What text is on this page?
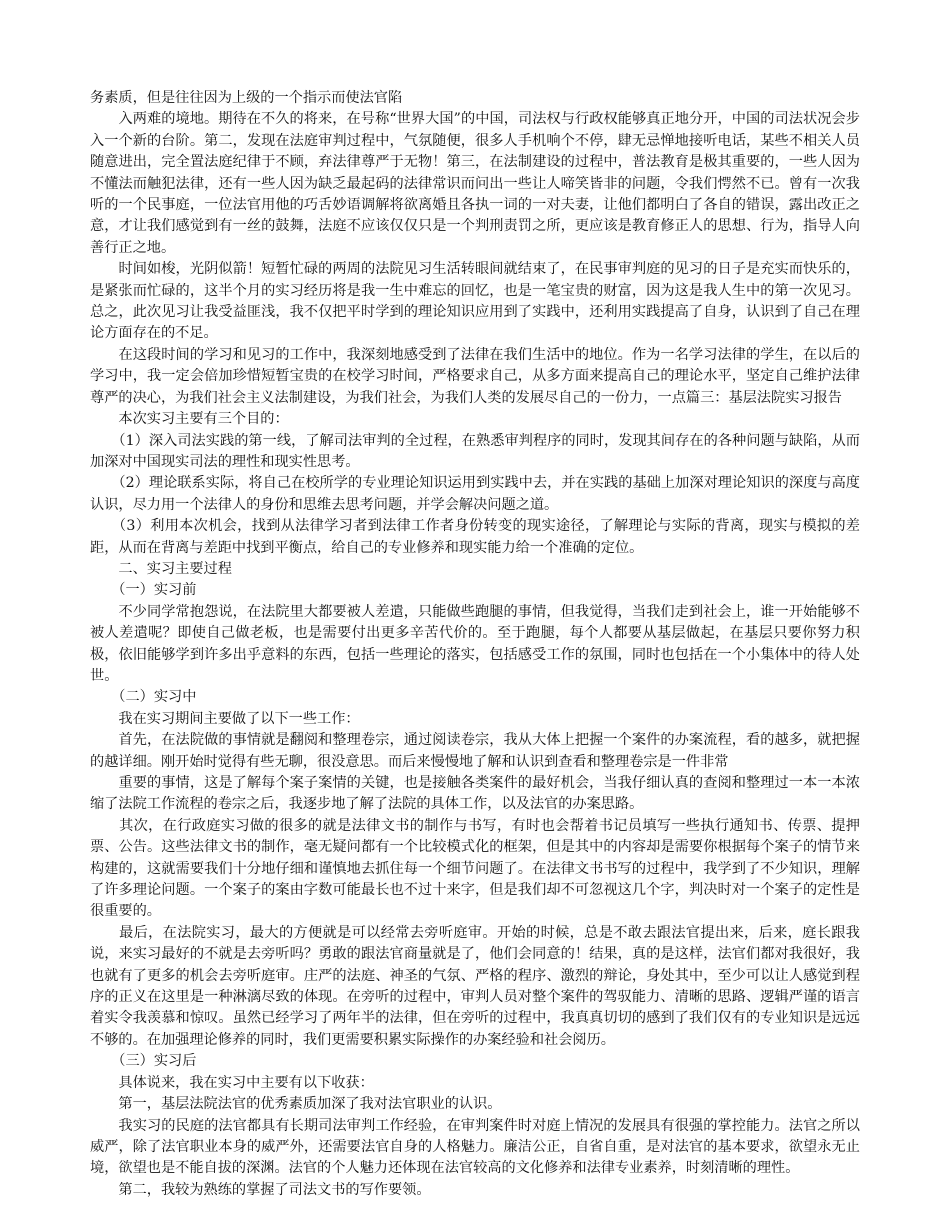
务素质，但是往往因为上级的一个指示而使法官陷

　　入两难的境地。期待在不久的将来，在号称“世界大国”的中国，司法权与行政权能够真正地分开，中国的司法状况会步入一个新的台阶。第二，发现在法庭审判过程中，气氛随便，很多人手机响个不停，肆无忌惮地接听电话，某些不相关人员随意进出，完全置法庭纪律于不顾，弃法律尊严于无物！第三，在法制建设的过程中，普法教育是极其重要的，一些人因为不懂法而触犯法律，还有一些人因为缺乏最起码的法律常识而问出一些让人啼笑皆非的问题，令我们愕然不已。曾有一次我听的一个民事庭，一位法官用他的巧舌妙语调解将欲离婚且各执一词的一对夫妻，让他们都明白了各自的错误，露出改正之意，才让我们感觉到有一丝的鼓舞，法庭不应该仅仅只是一个判刑责罚之所，更应该是教育修正人的思想、行为，指导人向善行正之地。

　　时间如梭，光阴似箭！短暂忙碌的两周的法院见习生活转眼间就结束了，在民事审判庭的见习的日子是充实而快乐的，是紧张而忙碌的，这半个月的实习经历将是我一生中难忘的回忆，也是一笔宝贵的财富，因为这是我人生中的第一次见习。总之，此次见习让我受益匪浅，我不仅把平时学到的理论知识应用到了实践中，还利用实践提高了自身，认识到了自己在理论方面存在的不足。

　　在这段时间的学习和见习的工作中，我深刻地感受到了法律在我们生活中的地位。作为一名学习法律的学生，在以后的学习中，我一定会倍加珍惜短暂宝贵的在校学习时间，严格要求自己，从多方面来提高自己的理论水平，坚定自己维护法律尊严的决心，为我们社会主义法制建设，为我们社会，为我们人类的发展尽自己的一份力，一点篇三：基层法院实习报告

　　本次实习主要有三个目的：

　　（1）深入司法实践的第一线，了解司法审判的全过程，在熟悉审判程序的同时，发现其间存在的各种问题与缺陷，从而加深对中国现实司法的理性和现实性思考。

　　（2）理论联系实际，将自己在校所学的专业理论知识运用到实践中去，并在实践的基础上加深对理论知识的深度与高度认识，尽力用一个法律人的身份和思维去思考问题，并学会解决问题之道。

　　（3）利用本次机会，找到从法律学习者到法律工作者身份转变的现实途径，了解理论与实际的背离，现实与模拟的差距，从而在背离与差距中找到平衡点，给自己的专业修养和现实能力给一个准确的定位。

　　二、实习主要过程

　　（一）实习前

　　不少同学常抱怨说，在法院里大都要被人差遣，只能做些跑腿的事情，但我觉得，当我们走到社会上，谁一开始能够不被人差遣呢？即使自己做老板，也是需要付出更多辛苦代价的。至于跑腿，每个人都要从基层做起，在基层只要你努力积极，依旧能够学到许多出乎意料的东西，包括一些理论的落实，包括感受工作的氛围，同时也包括在一个小集体中的待人处世。

　　（二）实习中

　　我在实习期间主要做了以下一些工作：

　　首先，在法院做的事情就是翻阅和整理卷宗，通过阅读卷宗，我从大体上把握一个案件的办案流程，看的越多，就把握的越详细。刚开始时觉得有些无聊，很没意思。而后来慢慢地了解和认识到查看和整理卷宗是一件非常

　　重要的事情，这是了解每个案子案情的关键，也是接触各类案件的最好机会，当我仔细认真的查阅和整理过一本一本浓缩了法院工作流程的卷宗之后，我逐步地了解了法院的具体工作，以及法官的办案思路。

　　其次，在行政庭实习做的很多的就是法律文书的制作与书写，有时也会帮着书记员填写一些执行通知书、传票、提押票、公告。这些法律文书的制作，毫无疑问都有一个比较模式化的框架，但是其中的内容却是需要你根据每个案子的情节来构建的，这就需要我们十分地仔细和谨慎地去抓住每一个细节问题了。在法律文书书写的过程中，我学到了不少知识，理解了许多理论问题。一个案子的案由字数可能最长也不过十来字，但是我们却不可忽视这几个字，判决时对一个案子的定性是很重要的。

　　最后，在法院实习，最大的方便就是可以经常去旁听庭审。开始的时候，总是不敢去跟法官提出来，后来，庭长跟我说，来实习最好的不就是去旁听吗？勇敢的跟法官商量就是了，他们会同意的！结果，真的是这样，法官们都对我很好，我也就有了更多的机会去旁听庭审。庄严的法庭、神圣的气氛、严格的程序、激烈的辩论，身处其中，至少可以让人感觉到程序的正义在这里是一种淋漓尽致的体现。在旁听的过程中，审判人员对整个案件的驾驭能力、清晰的思路、逻辑严谨的语言着实令我羡慕和惊叹。虽然已经学习了两年半的法律，但在旁听的过程中，我真真切切的感到了我们仅有的专业知识是远远不够的。在加强理论修养的同时，我们更需要积累实际操作的办案经验和社会阅历。

　　（三）实习后

　　具体说来，我在实习中主要有以下收获：

　　第一，基层法院法官的优秀素质加深了我对法官职业的认识。

　　我实习的民庭的法官都具有长期司法审判工作经验，在审判案件时对庭上情况的发展具有很强的掌控能力。法官之所以威严，除了法官职业本身的威严外，还需要法官自身的人格魅力。廉洁公正，自省自重，是对法官的基本要求，欲望永无止境，欲望也是不能自拔的深渊。法官的个人魅力还体现在法官较高的文化修养和法律专业素养，时刻清晰的理性。

　　第二，我较为熟练的掌握了司法文书的写作要领。
